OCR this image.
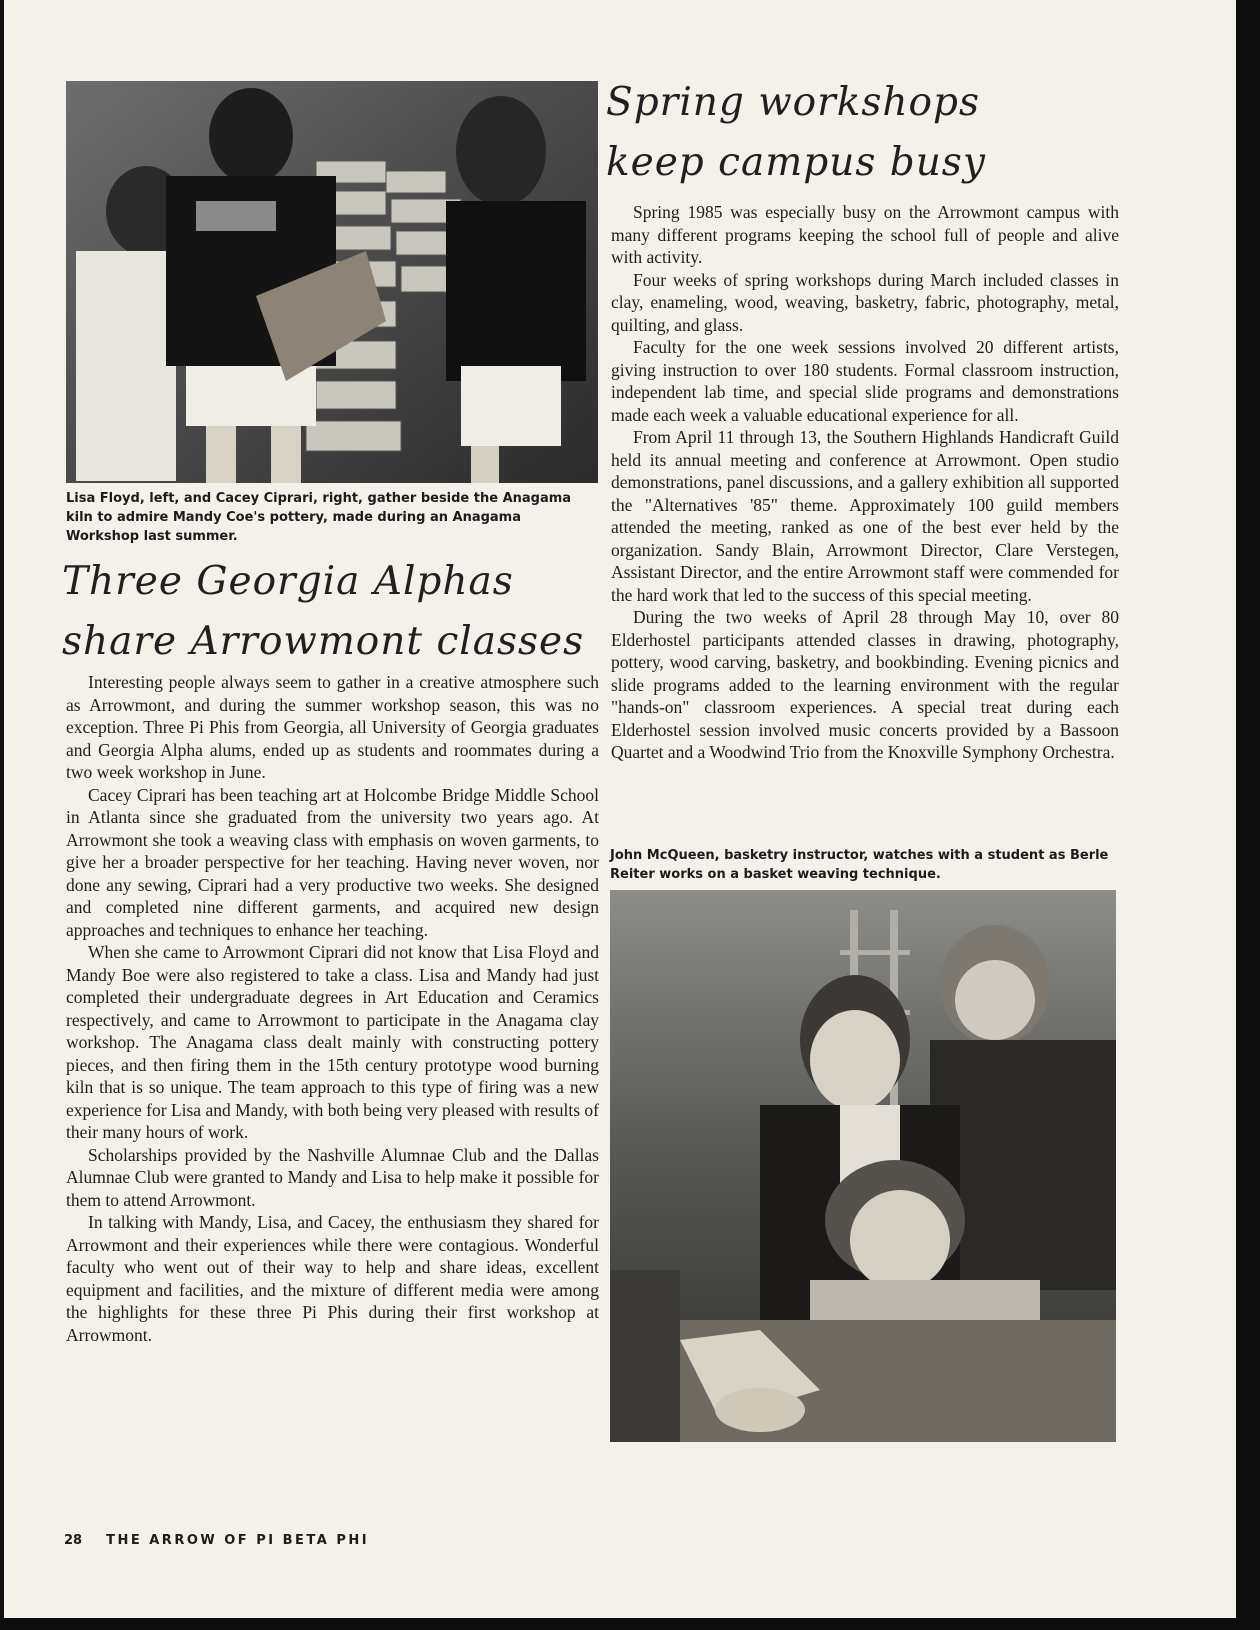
Lisa Floyd, left, and Cacey Ciprari, right, gather beside the Anagama kiln to admire Mandy Coe's pottery, made during an Anagama Workshop last summer.

Three Georgia Alphas
share Arrowmont classes

Interesting people always seem to gather in a creative atmosphere such as Arrowmont, and during the summer workshop season, this was no exception. Three Pi Phis from Georgia, all University of Georgia graduates and Georgia Alpha alums, ended up as students and roommates during a two week workshop in June.

Cacey Ciprari has been teaching art at Holcombe Bridge Middle School in Atlanta since she graduated from the university two years ago. At Arrowmont she took a weaving class with emphasis on woven garments, to give her a broader perspective for her teaching. Having never woven, nor done any sewing, Ciprari had a very productive two weeks. She designed and completed nine different garments, and acquired new design approaches and techniques to enhance her teaching.

When she came to Arrowmont Ciprari did not know that Lisa Floyd and Mandy Boe were also registered to take a class. Lisa and Mandy had just completed their undergraduate degrees in Art Education and Ceramics respectively, and came to Arrowmont to participate in the Anagama clay workshop. The Anagama class dealt mainly with constructing pottery pieces, and then firing them in the 15th century prototype wood burning kiln that is so unique. The team approach to this type of firing was a new experience for Lisa and Mandy, with both being very pleased with results of their many hours of work.

Scholarships provided by the Nashville Alumnae Club and the Dallas Alumnae Club were granted to Mandy and Lisa to help make it possible for them to attend Arrowmont.

In talking with Mandy, Lisa, and Cacey, the enthusiasm they shared for Arrowmont and their experiences while there were contagious. Wonderful faculty who went out of their way to help and share ideas, excellent equipment and facilities, and the mixture of different media were among the highlights for these three Pi Phis during their first workshop at Arrowmont.

Spring workshops
keep campus busy

Spring 1985 was especially busy on the Arrowmont campus with many different programs keeping the school full of people and alive with activity.

Four weeks of spring workshops during March included classes in clay, enameling, wood, weaving, basketry, fabric, photography, metal, quilting, and glass.

Faculty for the one week sessions involved 20 different artists, giving instruction to over 180 students. Formal classroom instruction, independent lab time, and special slide programs and demonstrations made each week a valuable educational experience for all.

From April 11 through 13, the Southern Highlands Handicraft Guild held its annual meeting and conference at Arrowmont. Open studio demonstrations, panel discussions, and a gallery exhibition all supported the "Alternatives '85" theme. Approximately 100 guild members attended the meeting, ranked as one of the best ever held by the organization. Sandy Blain, Arrowmont Director, Clare Verstegen, Assistant Director, and the entire Arrowmont staff were commended for the hard work that led to the success of this special meeting.

During the two weeks of April 28 through May 10, over 80 Elderhostel participants attended classes in drawing, photography, pottery, wood carving, basketry, and bookbinding. Evening picnics and slide programs added to the learning environment with the regular "hands-on" classroom experiences. A special treat during each Elderhostel session involved music concerts provided by a Bassoon Quartet and a Woodwind Trio from the Knoxville Symphony Orchestra.

John McQueen, basketry instructor, watches with a student as Berle Reiter works on a basket weaving technique.

28 THE ARROW OF PI BETA PHI
